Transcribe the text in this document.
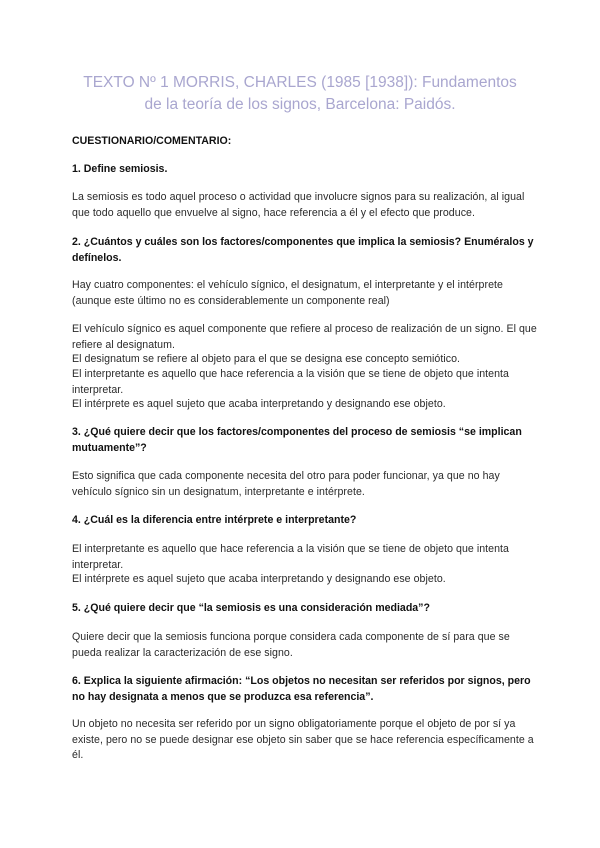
TEXTO Nº 1 MORRIS, CHARLES (1985 [1938]): Fundamentos
de la teoría de los signos, Barcelona: Paidós.

CUESTIONARIO/COMENTARIO:

1. Define semiosis.

La semiosis es todo aquel proceso o actividad que involucre signos para su realización, al igual que todo aquello que envuelve al signo, hace referencia a él y el efecto que produce.

2. ¿Cuántos y cuáles son los factores/componentes que implica la semiosis? Enuméralos y defínelos.

Hay cuatro componentes: el vehículo sígnico, el designatum, el interpretante y el intérprete (aunque este último no es considerablemente un componente real)

El vehículo sígnico es aquel componente que refiere al proceso de realización de un signo. El que refiere al designatum.

El designatum se refiere al objeto para el que se designa ese concepto semiótico.

El interpretante es aquello que hace referencia a la visión que se tiene de objeto que intenta interpretar.

El intérprete es aquel sujeto que acaba interpretando y designando ese objeto.

3. ¿Qué quiere decir que los factores/componentes del proceso de semiosis “se implican mutuamente”?

Esto significa que cada componente necesita del otro para poder funcionar, ya que no hay vehículo sígnico sin un designatum, interpretante e intérprete.

4. ¿Cuál es la diferencia entre intérprete e interpretante?

El interpretante es aquello que hace referencia a la visión que se tiene de objeto que intenta interpretar.

El intérprete es aquel sujeto que acaba interpretando y designando ese objeto.

5. ¿Qué quiere decir que “la semiosis es una consideración mediada”?

Quiere decir que la semiosis funciona porque considera cada componente de sí para que se pueda realizar la caracterización de ese signo.

6. Explica la siguiente afirmación: “Los objetos no necesitan ser referidos por signos, pero no hay designata a menos que se produzca esa referencia”.

Un objeto no necesita ser referido por un signo obligatoriamente porque el objeto de por sí ya existe, pero no se puede designar ese objeto sin saber que se hace referencia específicamente a él.
